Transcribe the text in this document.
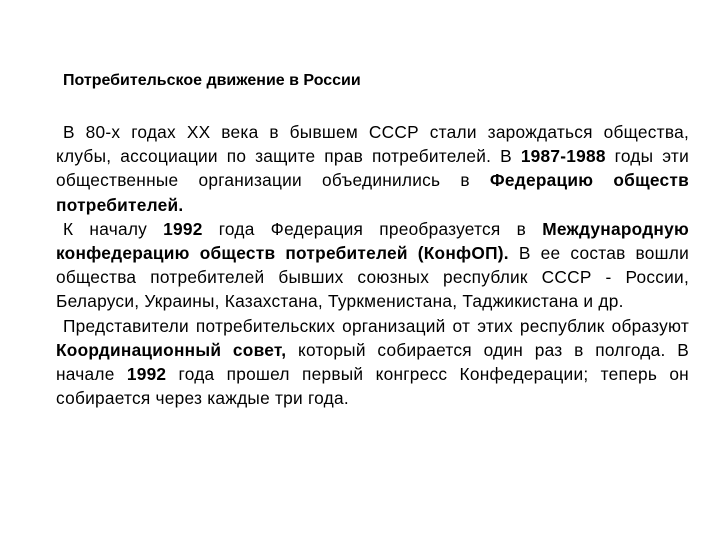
Потребительское движение в России

В 80-х годах XX века в бывшем СССР стали зарождаться общества, клубы, ассоциации по защите прав потребителей. В 1987-1988 годы эти общественные организации объединились в Федерацию обществ потребителей.

К началу 1992 года Федерация преобразуется в Международную конфедерацию обществ потребителей (КонфОП). В ее состав вошли общества потребителей бывших союзных республик СССР - России, Беларуси, Украины, Казахстана, Туркменистана, Таджикистана и др.

Представители потребительских организаций от этих республик образуют Координационный совет, который собирается один раз в полгода. В начале 1992 года прошел первый конгресс Конфедерации; теперь он собирается через каждые три года.
